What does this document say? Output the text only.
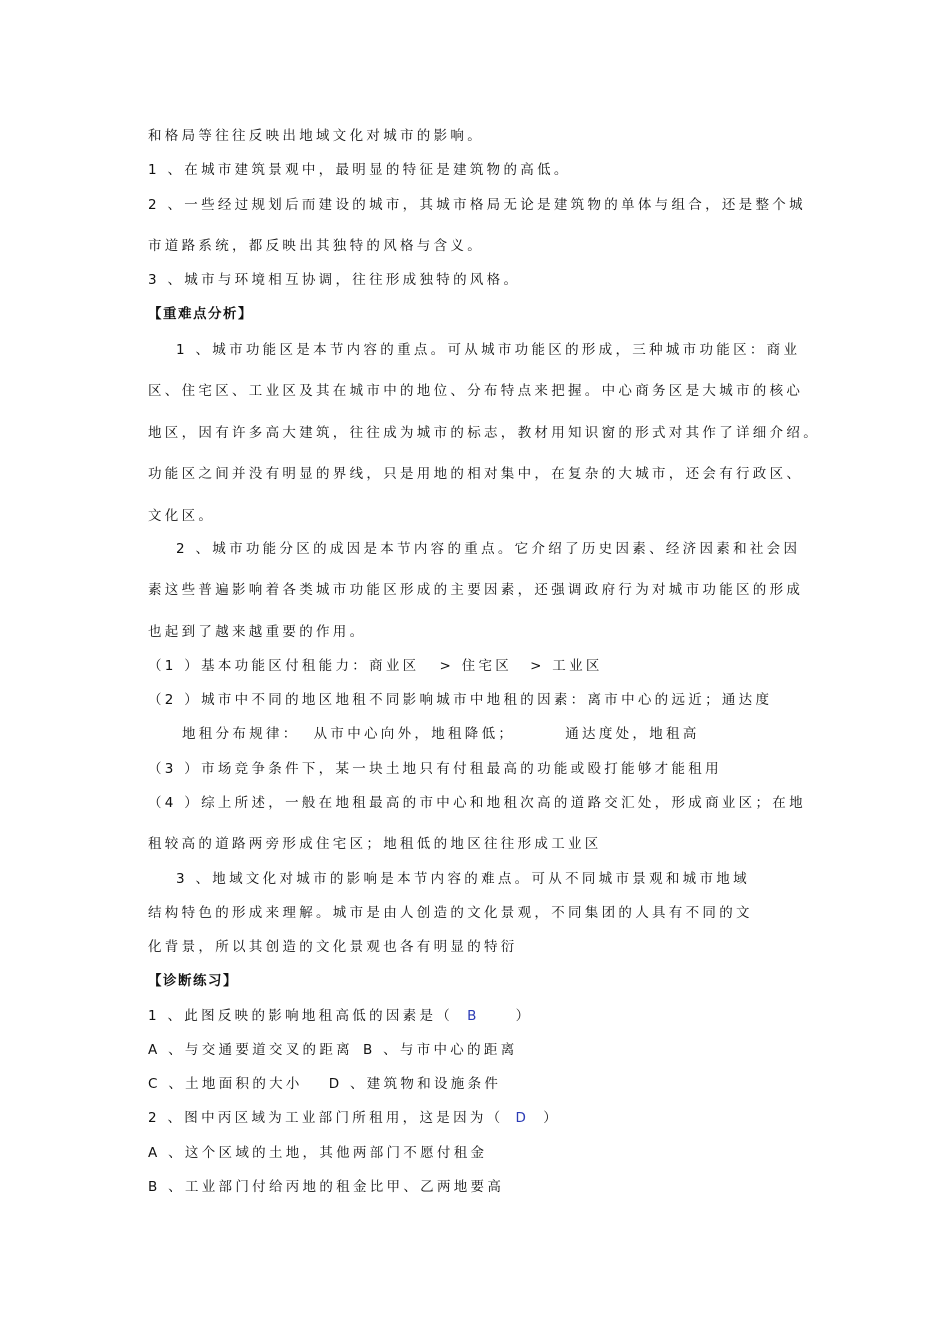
和格局等往往反映出地域文化对城市的影响。

1 、在城市建筑景观中，最明显的特征是建筑物的高低。

2 、一些经过规划后而建设的城市，其城市格局无论是建筑物的单体与组合，还是整个城

市道路系统，都反映出其独特的风格与含义。

3 、城市与环境相互协调，往往形成独特的风格。

【重难点分析】

1 、城市功能区是本节内容的重点。可从城市功能区的形成，三种城市功能区：商业

区、住宅区、工业区及其在城市中的地位、分布特点来把握。中心商务区是大城市的核心

地区，因有许多高大建筑，往往成为城市的标志，教材用知识窗的形式对其作了详细介绍。

功能区之间并没有明显的界线，只是用地的相对集中，在复杂的大城市，还会有行政区、

文化区。

2 、城市功能分区的成因是本节内容的重点。它介绍了历史因素、经济因素和社会因

素这些普遍影响着各类城市功能区形成的主要因素，还强调政府行为对城市功能区的形成

也起到了越来越重要的作用。

（1 ）基本功能区付租能力：商业区 > 住宅区 > 工业区

（2 ）城市中不同的地区地租不同影响城市中地租的因素：离市中心的远近；通达度

地租分布规律： 从市中心向外，地租降低；	通达度处，地租高

（3 ）市场竞争条件下，某一块土地只有付租最高的功能或殴打能够才能租用

（4 ）综上所述，一般在地租最高的市中心和地租次高的道路交汇处，形成商业区；在地

租较高的道路两旁形成住宅区；地租低的地区往往形成工业区

3 、地域文化对城市的影响是本节内容的难点。可从不同城市景观和城市地域

结构特色的形成来理解。城市是由人创造的文化景观，不同集团的人具有不同的文

化背景，所以其创造的文化景观也各有明显的特衍

【诊断练习】

1 、此图反映的影响地租高低的因素是（ B	）

A 、与交通要道交叉的距离 B 、与市中心的距离

C 、土地面积的大小 D 、建筑物和设施条件

2 、图中丙区域为工业部门所租用，这是因为（ D ）

A 、这个区域的土地，其他两部门不愿付租金

B 、工业部门付给丙地的租金比甲、乙两地要高
